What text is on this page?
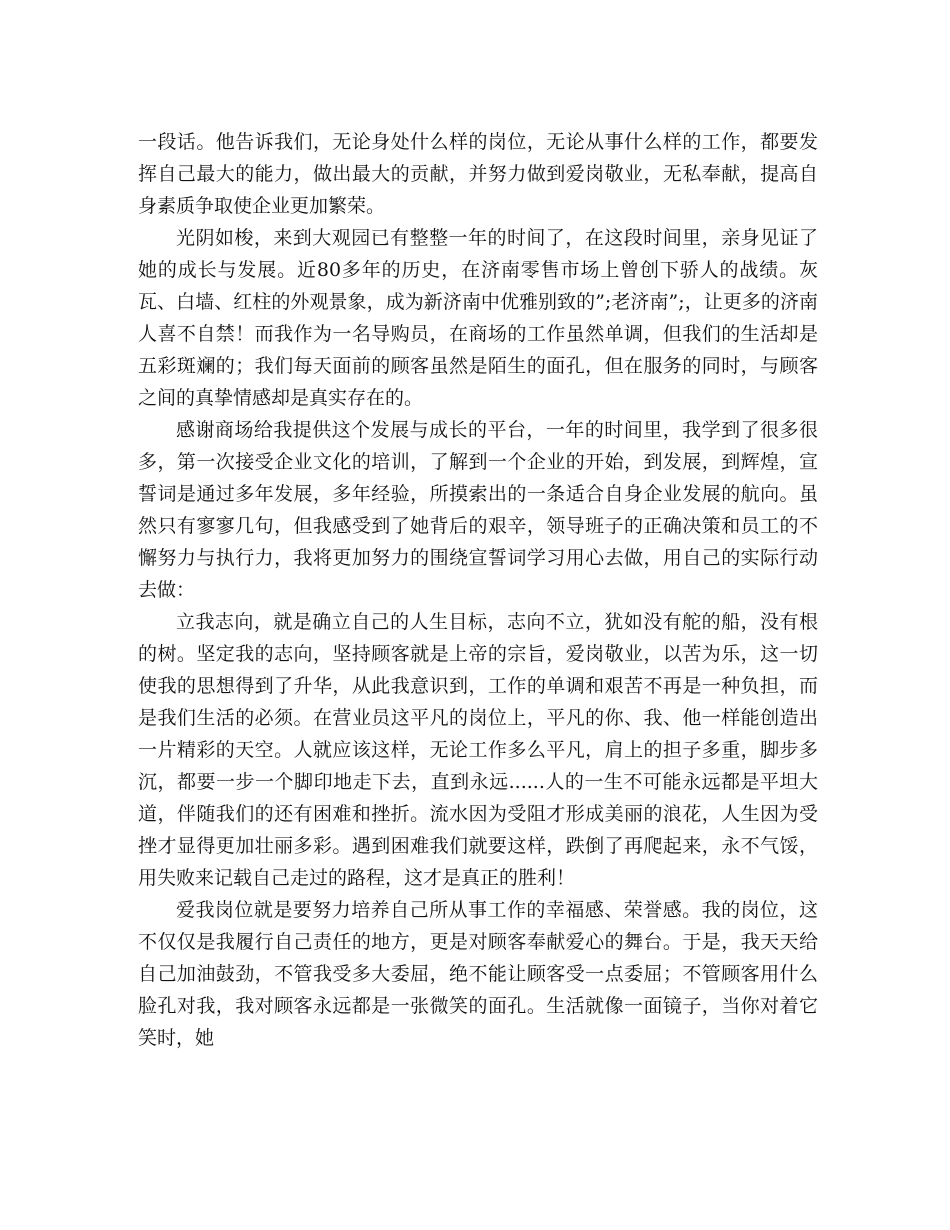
一段话。他告诉我们，无论身处什么样的岗位，无论从事什么样的工作，都要发挥自己最大的能力，做出最大的贡献，并努力做到爱岗敬业，无私奉献，提高自身素质争取使企业更加繁荣。

光阴如梭，来到大观园已有整整一年的时间了，在这段时间里，亲身见证了她的成长与发展。近80多年的历史，在济南零售市场上曾创下骄人的战绩。灰瓦、白墙、红柱的外观景象，成为新济南中优雅别致的”;老济南”;，让更多的济南人喜不自禁！而我作为一名导购员，在商场的工作虽然单调，但我们的生活却是五彩斑斓的；我们每天面前的顾客虽然是陌生的面孔，但在服务的同时，与顾客之间的真挚情感却是真实存在的。

感谢商场给我提供这个发展与成长的平台，一年的时间里，我学到了很多很多，第一次接受企业文化的培训，了解到一个企业的开始，到发展，到辉煌，宣誓词是通过多年发展，多年经验，所摸索出的一条适合自身企业发展的航向。虽然只有寥寥几句，但我感受到了她背后的艰辛，领导班子的正确决策和员工的不懈努力与执行力，我将更加努力的围绕宣誓词学习用心去做，用自己的实际行动去做：

立我志向，就是确立自己的人生目标，志向不立，犹如没有舵的船，没有根的树。坚定我的志向，坚持顾客就是上帝的宗旨，爱岗敬业，以苦为乐，这一切使我的思想得到了升华，从此我意识到，工作的单调和艰苦不再是一种负担，而是我们生活的必须。在营业员这平凡的岗位上，平凡的你、我、他一样能创造出一片精彩的天空。人就应该这样，无论工作多么平凡，肩上的担子多重，脚步多沉，都要一步一个脚印地走下去，直到永远......人的一生不可能永远都是平坦大道，伴随我们的还有困难和挫折。流水因为受阻才形成美丽的浪花，人生因为受挫才显得更加壮丽多彩。遇到困难我们就要这样，跌倒了再爬起来，永不气馁，用失败来记载自己走过的路程，这才是真正的胜利！

爱我岗位就是要努力培养自己所从事工作的幸福感、荣誉感。我的岗位，这不仅仅是我履行自己责任的地方，更是对顾客奉献爱心的舞台。于是，我天天给自己加油鼓劲，不管我受多大委屈，绝不能让顾客受一点委屈；不管顾客用什么脸孔对我，我对顾客永远都是一张微笑的面孔。生活就像一面镜子，当你对着它笑时，她
